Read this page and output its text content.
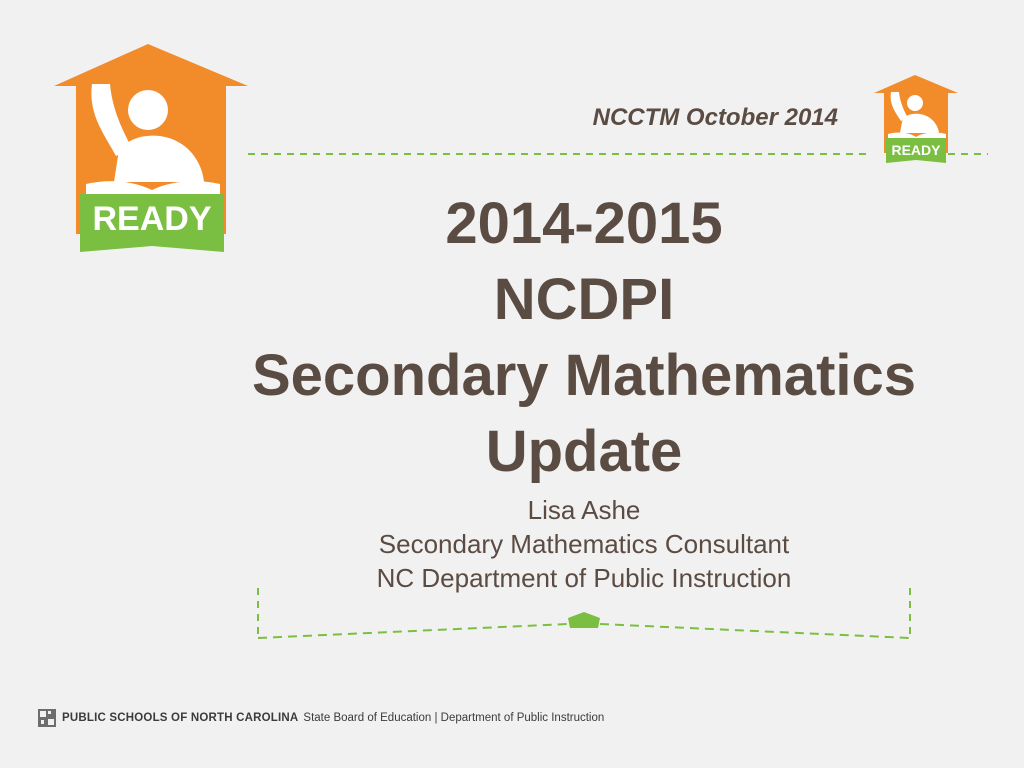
READY
READY
NCCTM October 2014
2014-2015
NCDPI
Secondary Mathematics
Update
Lisa Ashe
Secondary Mathematics Consultant
NC Department of Public Instruction
PUBLIC SCHOOLS OF NORTH CAROLINA State Board of Education | Department of Public Instruction
